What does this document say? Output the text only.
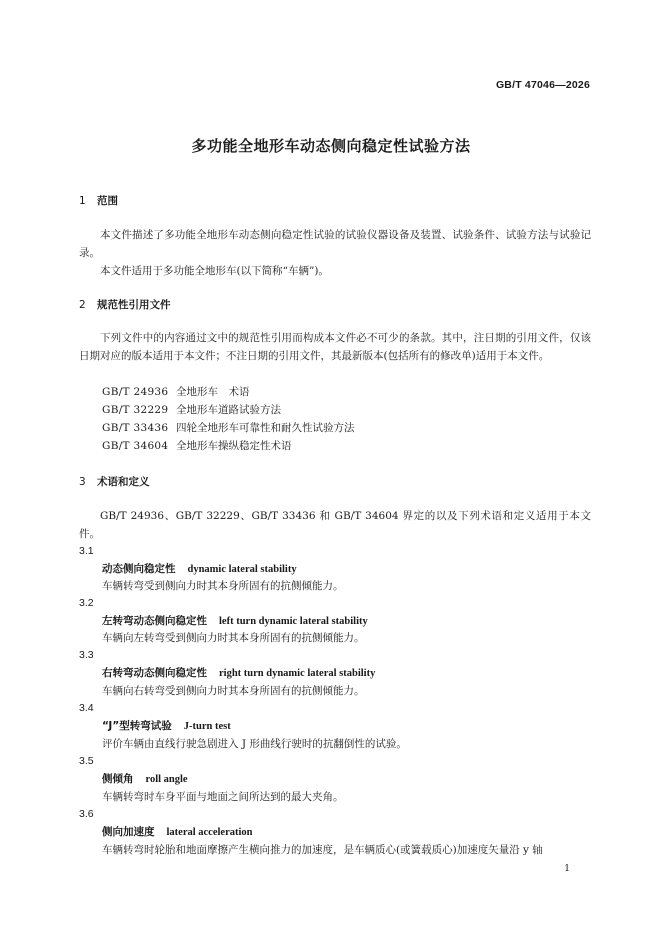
GB/T 47046—2026
多功能全地形车动态侧向稳定性试验方法
1 范围
本文件描述了多功能全地形车动态侧向稳定性试验的试验仪器设备及装置、试验条件、试验方法与试验记录。
本文件适用于多功能全地形车(以下简称“车辆”)。
2 规范性引用文件
下列文件中的内容通过文中的规范性引用而构成本文件必不可少的条款。其中，注日期的引用文件，仅该日期对应的版本适用于本文件；不注日期的引用文件，其最新版本(包括所有的修改单)适用于本文件。
GB/T 24936 全地形车　术语
GB/T 32229 全地形车道路试验方法
GB/T 33436 四轮全地形车可靠性和耐久性试验方法
GB/T 34604 全地形车操纵稳定性术语
3 术语和定义
GB/T 24936、GB/T 32229、GB/T 33436 和 GB/T 34604 界定的以及下列术语和定义适用于本文件。
3.1
动态侧向稳定性 dynamic lateral stability
车辆转弯受到侧向力时其本身所固有的抗侧倾能力。
3.2
左转弯动态侧向稳定性 left turn dynamic lateral stability
车辆向左转弯受到侧向力时其本身所固有的抗侧倾能力。
3.3
右转弯动态侧向稳定性 right turn dynamic lateral stability
车辆向右转弯受到侧向力时其本身所固有的抗侧倾能力。
3.4
“J”型转弯试验 J-turn test
评价车辆由直线行驶急剧进入 J 形曲线行驶时的抗翻倒性的试验。
3.5
侧倾角 roll angle
车辆转弯时车身平面与地面之间所达到的最大夹角。
3.6
侧向加速度 lateral acceleration
车辆转弯时轮胎和地面摩擦产生横向推力的加速度，是车辆质心(或簧载质心)加速度矢量沿 y 轴
1
